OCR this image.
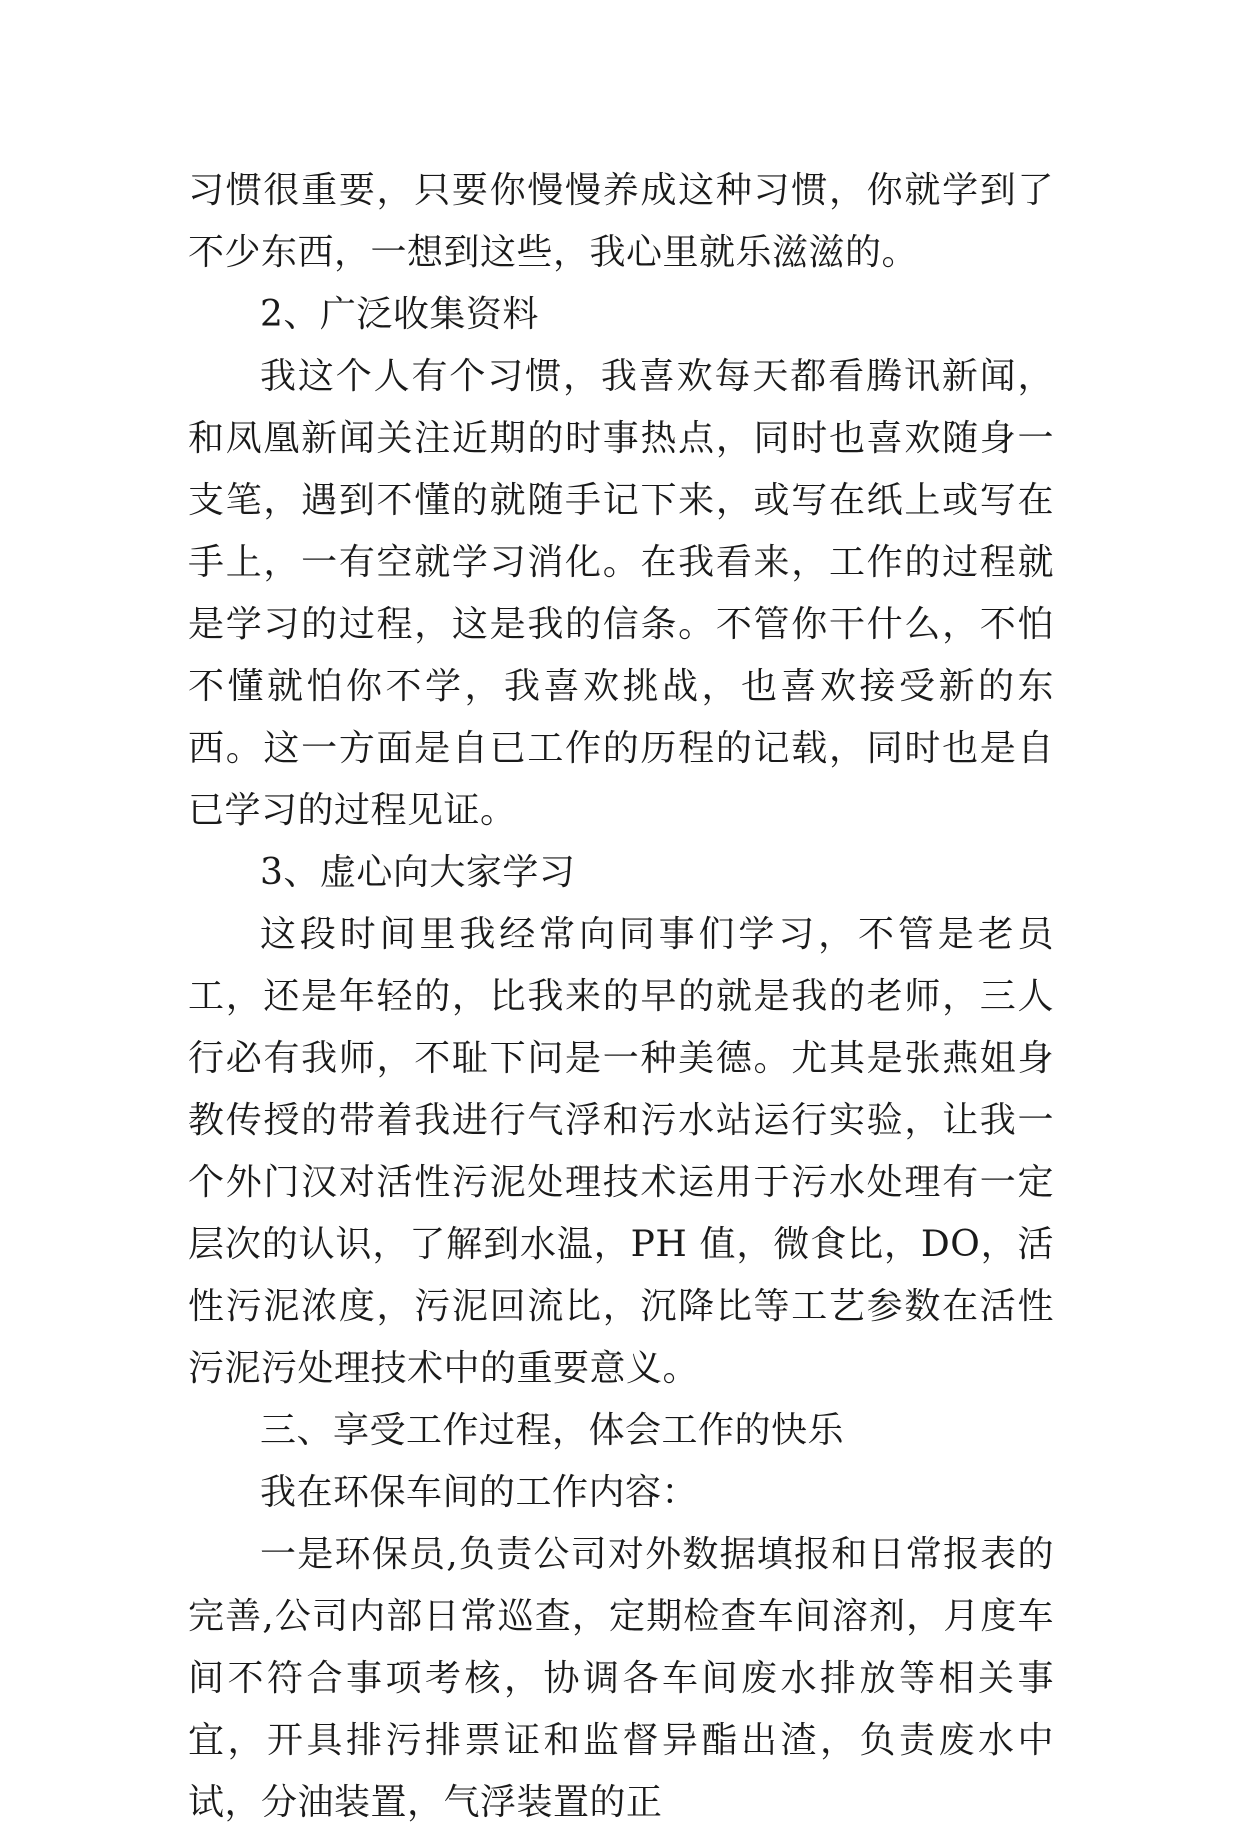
习惯很重要，只要你慢慢养成这种习惯，你就学到了不少东西，一想到这些，我心里就乐滋滋的。

2、广泛收集资料

我这个人有个习惯，我喜欢每天都看腾讯新闻，和凤凰新闻关注近期的时事热点，同时也喜欢随身一支笔，遇到不懂的就随手记下来，或写在纸上或写在手上，一有空就学习消化。在我看来，工作的过程就是学习的过程，这是我的信条。不管你干什么，不怕不懂就怕你不学，我喜欢挑战，也喜欢接受新的东西。这一方面是自已工作的历程的记载，同时也是自已学习的过程见证。

3、虚心向大家学习

这段时间里我经常向同事们学习，不管是老员工，还是年轻的，比我来的早的就是我的老师，三人行必有我师，不耻下问是一种美德。尤其是张燕姐身教传授的带着我进行气浮和污水站运行实验，让我一个外门汉对活性污泥处理技术运用于污水处理有一定层次的认识，了解到水温，PH 值，微食比，DO，活性污泥浓度，污泥回流比，沉降比等工艺参数在活性污泥污处理技术中的重要意义。

三、享受工作过程，体会工作的快乐

我在环保车间的工作内容：

一是环保员,负责公司对外数据填报和日常报表的完善,公司内部日常巡查，定期检查车间溶剂，月度车间不符合事项考核，协调各车间废水排放等相关事宜，开具排污排票证和监督异酯出渣，负责废水中试，分油装置，气浮装置的正
